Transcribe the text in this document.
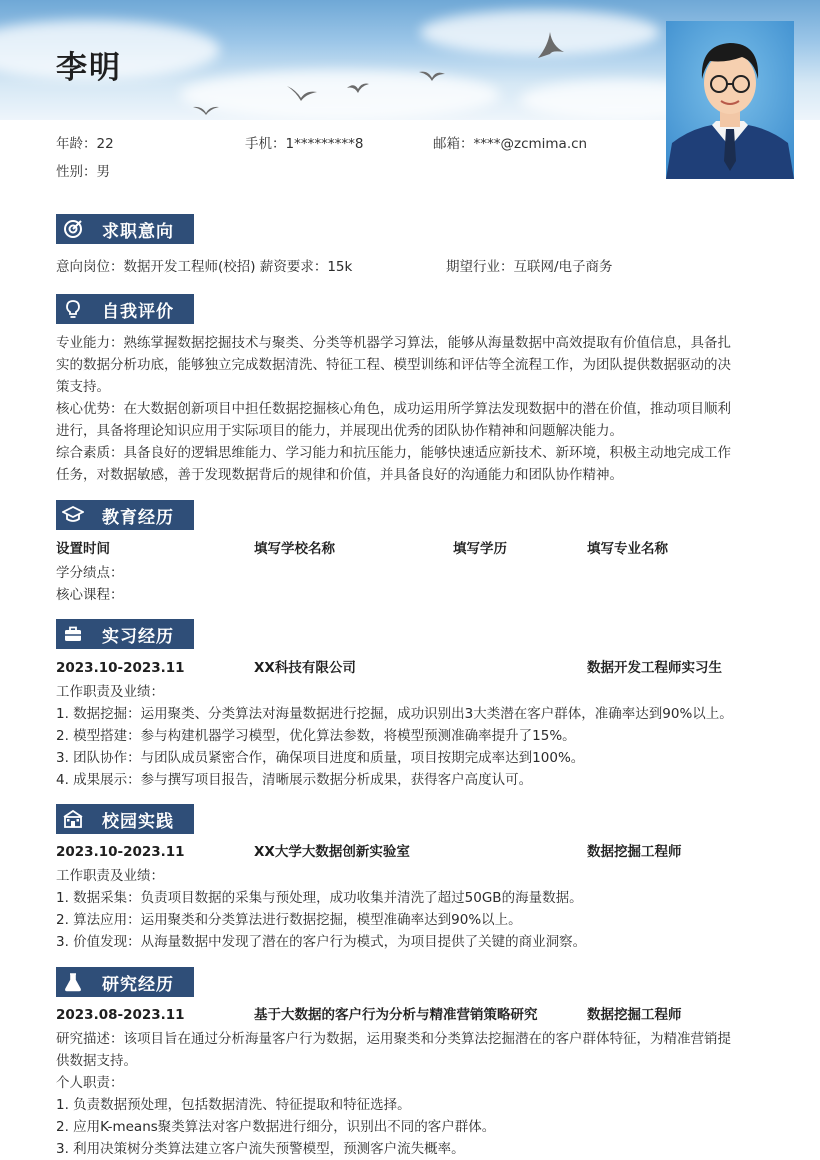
李明
年龄：22	手机：1*********8	邮箱：****@zcmima.cn
性别：男
求职意向
意向岗位：数据开发工程师(校招) 薪资要求：15k	期望行业：互联网/电子商务
自我评价
专业能力：熟练掌握数据挖掘技术与聚类、分类等机器学习算法，能够从海量数据中高效提取有价值信息，具备扎
实的数据分析功底，能够独立完成数据清洗、特征工程、模型训练和评估等全流程工作，为团队提供数据驱动的决
策支持。
核心优势：在大数据创新项目中担任数据挖掘核心角色，成功运用所学算法发现数据中的潜在价值，推动项目顺利
进行，具备将理论知识应用于实际项目的能力，并展现出优秀的团队协作精神和问题解决能力。
综合素质：具备良好的逻辑思维能力、学习能力和抗压能力，能够快速适应新技术、新环境，积极主动地完成工作
任务，对数据敏感，善于发现数据背后的规律和价值，并具备良好的沟通能力和团队协作精神。
教育经历
设置时间	填写学校名称	填写学历	填写专业名称
学分绩点：
核心课程：
实习经历
2023.10-2023.11	XX科技有限公司	数据开发工程师实习生
工作职责及业绩：
1. 数据挖掘：运用聚类、分类算法对海量数据进行挖掘，成功识别出3大类潜在客户群体，准确率达到90%以上。
2. 模型搭建：参与构建机器学习模型，优化算法参数，将模型预测准确率提升了15%。
3. 团队协作：与团队成员紧密合作，确保项目进度和质量，项目按期完成率达到100%。
4. 成果展示：参与撰写项目报告，清晰展示数据分析成果，获得客户高度认可。
校园实践
2023.10-2023.11	XX大学大数据创新实验室	数据挖掘工程师
工作职责及业绩：
1. 数据采集：负责项目数据的采集与预处理，成功收集并清洗了超过50GB的海量数据。
2. 算法应用：运用聚类和分类算法进行数据挖掘，模型准确率达到90%以上。
3. 价值发现：从海量数据中发现了潜在的客户行为模式，为项目提供了关键的商业洞察。
研究经历
2023.08-2023.11	基于大数据的客户行为分析与精准营销策略研究	数据挖掘工程师
研究描述：该项目旨在通过分析海量客户行为数据，运用聚类和分类算法挖掘潜在的客户群体特征，为精准营销提
供数据支持。
个人职责：
1. 负责数据预处理，包括数据清洗、特征提取和特征选择。
2. 应用K-means聚类算法对客户数据进行细分，识别出不同的客户群体。
3. 利用决策树分类算法建立客户流失预警模型，预测客户流失概率。
